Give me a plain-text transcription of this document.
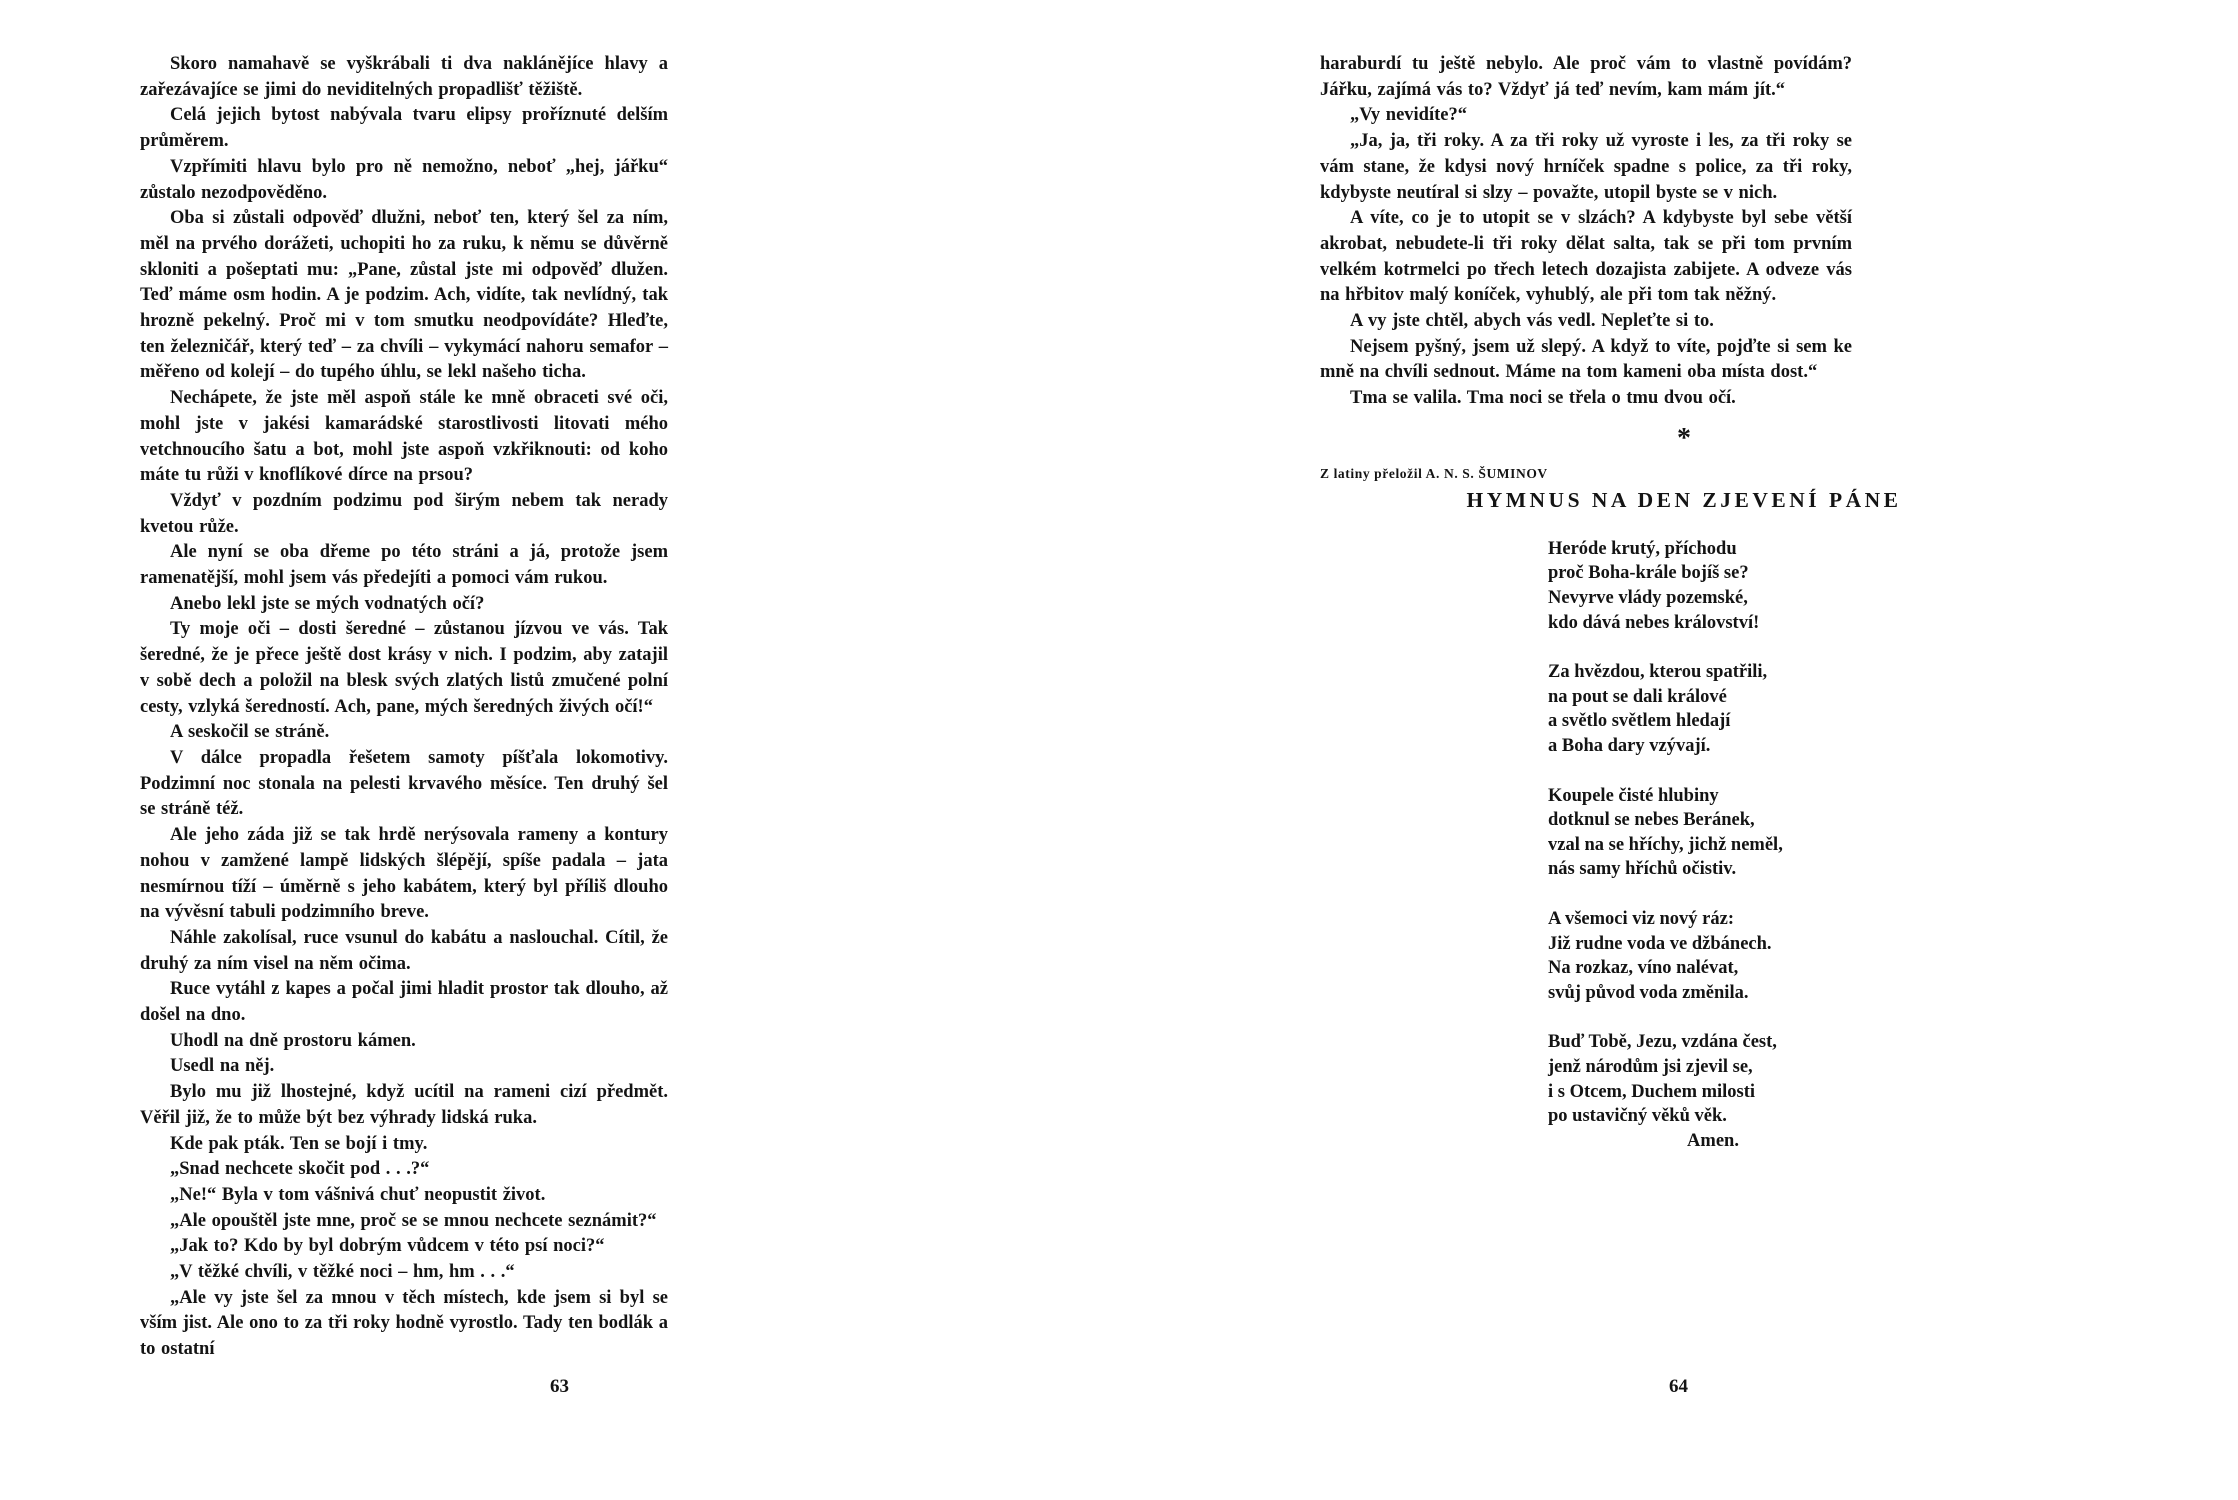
Skoro namahavě se vyškrábali ti dva naklánějíce hlavy a zařezávajíce se jimi do neviditelných propadlišť těžiště.

Celá jejich bytost nabývala tvaru elipsy proříznuté delším průměrem.

Vzpřímiti hlavu bylo pro ně nemožno, neboť „hej, jářku“ zůstalo nezodpověděno.

Oba si zůstali odpověď dlužni, neboť ten, který šel za ním, měl na prvého dorážeti, uchopiti ho za ruku, k němu se důvěrně skloniti a pošeptati mu: „Pane, zůstal jste mi odpověď dlužen. Teď máme osm hodin. A je podzim. Ach, vidíte, tak nevlídný, tak hrozně pekelný. Proč mi v tom smutku neodpovídáte? Hleďte, ten železničář, který teď – za chvíli – vykymácí nahoru semafor – měřeno od kolejí – do tupého úhlu, se lekl našeho ticha.

Nechápete, že jste měl aspoň stále ke mně obraceti své oči, mohl jste v jakési kamarádské starostlivosti litovati mého vetchnoucího šatu a bot, mohl jste aspoň vzkřiknouti: od koho máte tu růži v knoflíkové dírce na prsou?

Vždyť v pozdním podzimu pod širým nebem tak nerady kvetou růže.

Ale nyní se oba dřeme po této stráni a já, protože jsem ramenatější, mohl jsem vás předejíti a pomoci vám rukou.

Anebo lekl jste se mých vodnatých očí?

Ty moje oči – dosti šeredné – zůstanou jízvou ve vás. Tak šeredné, že je přece ještě dost krásy v nich. I podzim, aby zatajil v sobě dech a položil na blesk svých zlatých listů zmučené polní cesty, vzlyká šeredností. Ach, pane, mých šeredných živých očí!“

A seskočil se stráně.

V dálce propadla řešetem samoty píšťala lokomotivy. Podzimní noc stonala na pelesti krvavého měsíce. Ten druhý šel se stráně též.

Ale jeho záda již se tak hrdě nerýsovala rameny a kontury nohou v zamžené lampě lidských šlépějí, spíše padala – jata nesmírnou tíží – úměrně s jeho kabátem, který byl příliš dlouho na vývěsní tabuli podzimního breve.

Náhle zakolísal, ruce vsunul do kabátu a naslouchal. Cítil, že druhý za ním visel na něm očima.

Ruce vytáhl z kapes a počal jimi hladit prostor tak dlouho, až došel na dno.

Uhodl na dně prostoru kámen.

Usedl na něj.

Bylo mu již lhostejné, když ucítil na rameni cizí předmět. Věřil již, že to může být bez výhrady lidská ruka.

Kde pak pták. Ten se bojí i tmy.

„Snad nechcete skočit pod . . .?“

„Ne!“ Byla v tom vášnivá chuť neopustit život.

„Ale opouštěl jste mne, proč se se mnou nechcete seznámit?“

„Jak to? Kdo by byl dobrým vůdcem v této psí noci?“

„V těžké chvíli, v těžké noci – hm, hm . . .“

„Ale vy jste šel za mnou v těch místech, kde jsem si byl se vším jist. Ale ono to za tři roky hodně vyrostlo. Tady ten bodlák a to ostatní

63

haraburdí tu ještě nebylo. Ale proč vám to vlastně povídám? Jářku, zajímá vás to? Vždyť já teď nevím, kam mám jít.“

„Vy nevidíte?“

„Ja, ja, tři roky. A za tři roky už vyroste i les, za tři roky se vám stane, že kdysi nový hrníček spadne s police, za tři roky, kdybyste neutíral si slzy – považte, utopil byste se v nich.

A víte, co je to utopit se v slzách? A kdybyste byl sebe větší akrobat, nebudete-li tři roky dělat salta, tak se při tom prvním velkém kotrmelci po třech letech dozajista zabijete. A odveze vás na hřbitov malý koníček, vyhublý, ale při tom tak něžný.

A vy jste chtěl, abych vás vedl. Nepleťte si to.

Nejsem pyšný, jsem už slepý. A když to víte, pojďte si sem ke mně na chvíli sednout. Máme na tom kameni oba místa dost.“

Tma se valila. Tma noci se třela o tmu dvou očí.

*
Z latiny přeložil A. N. S. ŠUMINOV
HYMNUS NA DEN ZJEVENÍ PÁNE
Heróde krutý, příchodu
proč Boha-krále bojíš se?
Nevyrve vlády pozemské,
kdo dává nebes království!
Za hvězdou, kterou spatřili,
na pout se dali králové
a světlo světlem hledají
a Boha dary vzývají.
Koupele čisté hlubiny
dotknul se nebes Beránek,
vzal na se hříchy, jichž neměl,
nás samy hříchů očistiv.
A všemoci viz nový ráz:
Již rudne voda ve džbánech.
Na rozkaz, víno nalévat,
svůj původ voda změnila.
Buď Tobě, Jezu, vzdána čest,
jenž národům jsi zjevil se,
i s Otcem, Duchem milosti
po ustavičný věků věk.
Amen.
64
